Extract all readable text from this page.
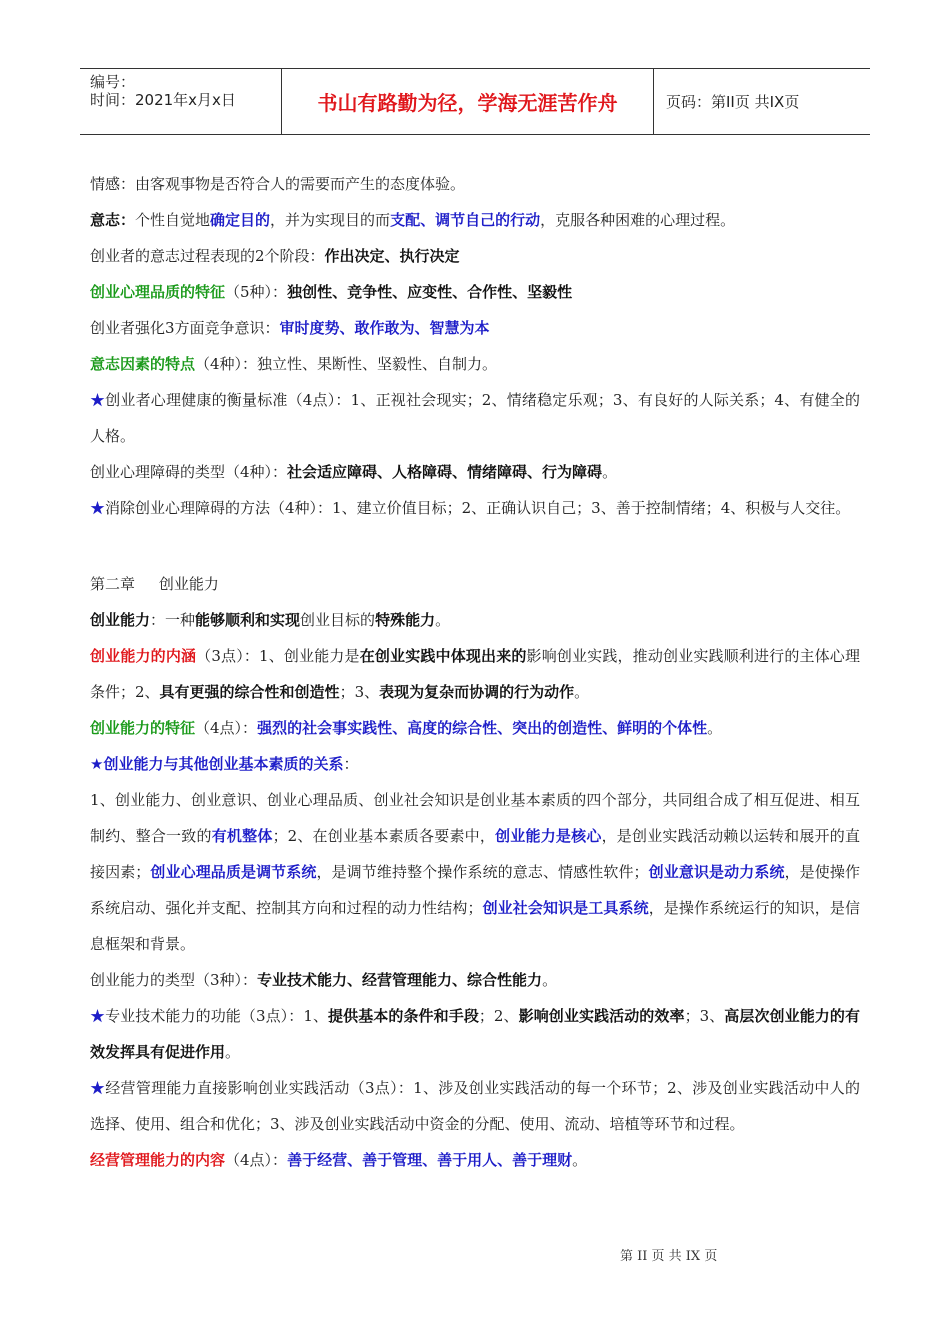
编号：
时间：2021年x月x日	书山有路勤为径，学海无涯苦作舟	页码：第II页 共IX页

情感：由客观事物是否符合人的需要而产生的态度体验。

意志：个性自觉地确定目的，并为实现目的而支配、调节自己的行动，克服各种困难的心理过程。

创业者的意志过程表现的2个阶段：作出决定、执行决定

创业心理品质的特征（5种）：独创性、竞争性、应变性、合作性、坚毅性

创业者强化3方面竞争意识：审时度势、敢作敢为、智慧为本

意志因素的特点（4种）：独立性、果断性、坚毅性、自制力。

★创业者心理健康的衡量标准（4点）：1、正视社会现实；2、情绪稳定乐观；3、有良好的人际关系；4、有健全的人格。

创业心理障碍的类型（4种）：社会适应障碍、人格障碍、情绪障碍、行为障碍。

★消除创业心理障碍的方法（4种）：1、建立价值目标；2、正确认识自己；3、善于控制情绪；4、积极与人交往。

第二章     创业能力

创业能力：一种能够顺利和实现创业目标的特殊能力。

创业能力的内涵（3点）：1、创业能力是在创业实践中体现出来的影响创业实践，推动创业实践顺利进行的主体心理条件；2、具有更强的综合性和创造性；3、表现为复杂而协调的行为动作。

创业能力的特征（4点）：强烈的社会事实践性、高度的综合性、突出的创造性、鲜明的个体性。

★创业能力与其他创业基本素质的关系：

1、创业能力、创业意识、创业心理品质、创业社会知识是创业基本素质的四个部分，共同组合成了相互促进、相互制约、整合一致的有机整体；2、在创业基本素质各要素中，创业能力是核心，是创业实践活动赖以运转和展开的直接因素；创业心理品质是调节系统，是调节维持整个操作系统的意志、情感性软件；创业意识是动力系统，是使操作系统启动、强化并支配、控制其方向和过程的动力性结构；创业社会知识是工具系统，是操作系统运行的知识，是信息框架和背景。

创业能力的类型（3种）：专业技术能力、经营管理能力、综合性能力。

★专业技术能力的功能（3点）：1、提供基本的条件和手段；2、影响创业实践活动的效率；3、高层次创业能力的有效发挥具有促进作用。

★经营管理能力直接影响创业实践活动（3点）：1、涉及创业实践活动的每一个环节；2、涉及创业实践活动中人的选择、使用、组合和优化；3、涉及创业实践活动中资金的分配、使用、流动、培植等环节和过程。

经营管理能力的内容（4点）：善于经营、善于管理、善于用人、善于理财。

第 II 页 共 IX 页
